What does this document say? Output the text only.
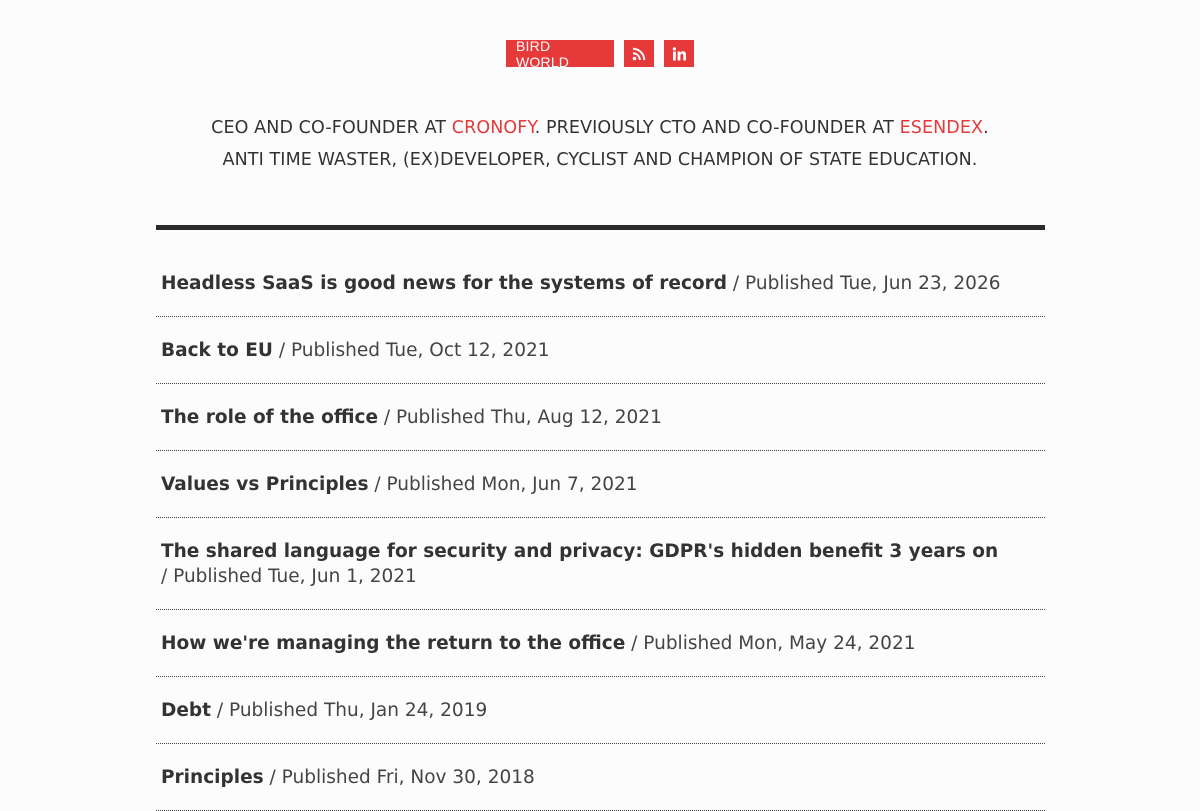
BIRD WORLD
CEO AND CO-FOUNDER AT CRONOFY. PREVIOUSLY CTO AND CO-FOUNDER AT ESENDEX.
ANTI TIME WASTER, (EX)DEVELOPER, CYCLIST AND CHAMPION OF STATE EDUCATION.
Headless SaaS is good news for the systems of record / Published Tue, Jun 23, 2026
Back to EU / Published Tue, Oct 12, 2021
The role of the office / Published Thu, Aug 12, 2021
Values vs Principles / Published Mon, Jun 7, 2021
The shared language for security and privacy: GDPR's hidden benefit 3 years on
/ Published Tue, Jun 1, 2021
How we're managing the return to the office / Published Mon, May 24, 2021
Debt / Published Thu, Jan 24, 2019
Principles / Published Fri, Nov 30, 2018
